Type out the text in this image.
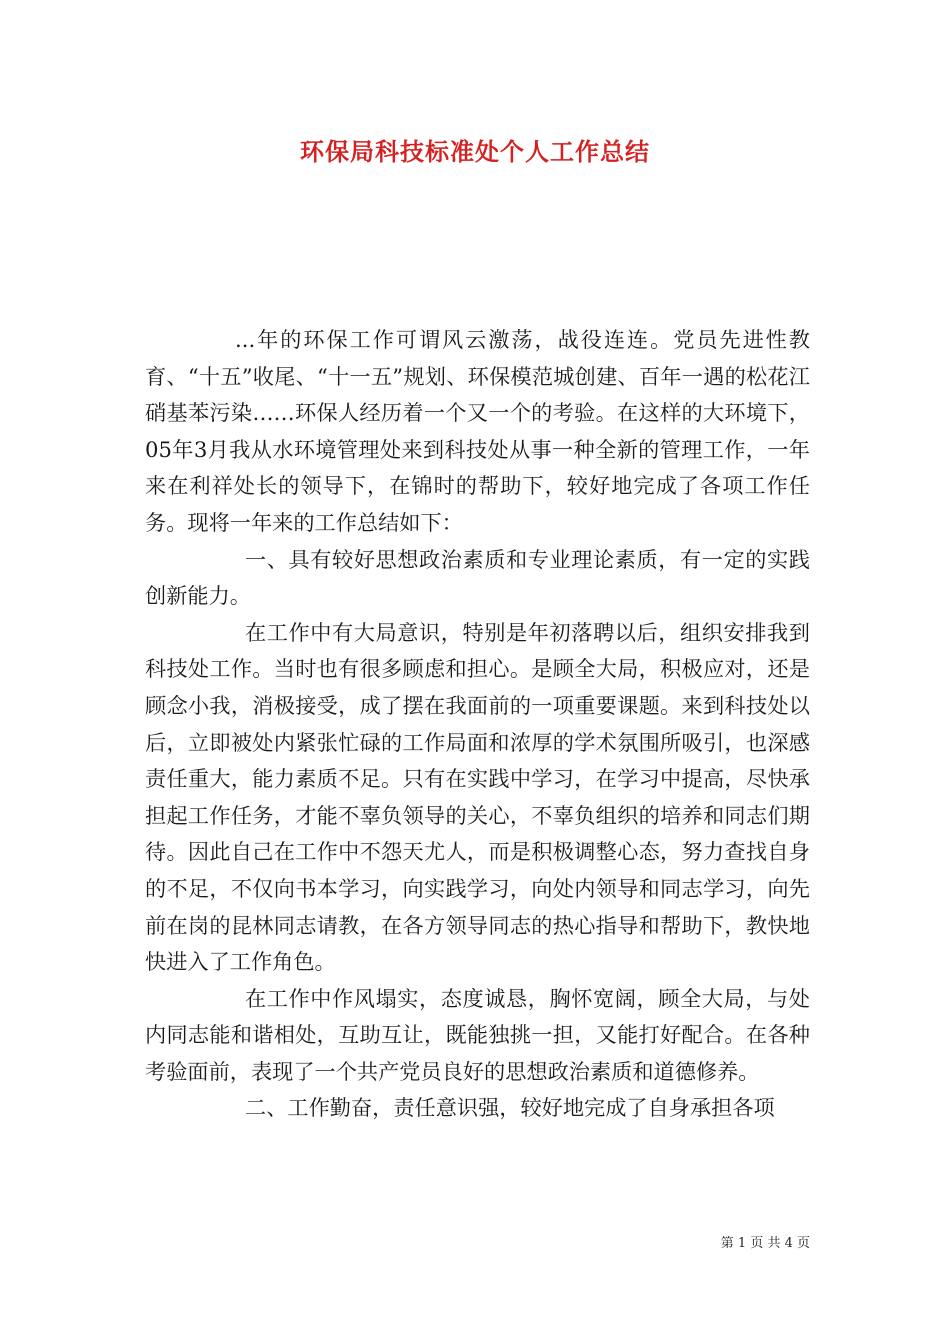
环保局科技标准处个人工作总结

...年的环保工作可谓风云激荡，战役连连。党员先进性教育、“十五”收尾、“十一五”规划、环保模范城创建、百年一遇的松花江硝基苯污染……环保人经历着一个又一个的考验。在这样的大环境下，05年3月我从水环境管理处来到科技处从事一种全新的管理工作，一年来在利祥处长的领导下，在锦时的帮助下，较好地完成了各项工作任务。现将一年来的工作总结如下：

一、具有较好思想政治素质和专业理论素质，有一定的实践创新能力。

在工作中有大局意识，特别是年初落聘以后，组织安排我到科技处工作。当时也有很多顾虑和担心。是顾全大局，积极应对，还是顾念小我，消极接受，成了摆在我面前的一项重要课题。来到科技处以后，立即被处内紧张忙碌的工作局面和浓厚的学术氛围所吸引，也深感责任重大，能力素质不足。只有在实践中学习，在学习中提高，尽快承担起工作任务，才能不辜负领导的关心，不辜负组织的培养和同志们期待。因此自己在工作中不怨天尤人，而是积极调整心态，努力查找自身的不足，不仅向书本学习，向实践学习，向处内领导和同志学习，向先前在岗的昆林同志请教，在各方领导同志的热心指导和帮助下，教快地快进入了工作角色。

在工作中作风塌实，态度诚恳，胸怀宽阔，顾全大局，与处内同志能和谐相处，互助互让，既能独挑一担，又能打好配合。在各种考验面前，表现了一个共产党员良好的思想政治素质和道德修养。

二、工作勤奋，责任意识强，较好地完成了自身承担各项

第 1 页 共 4 页
